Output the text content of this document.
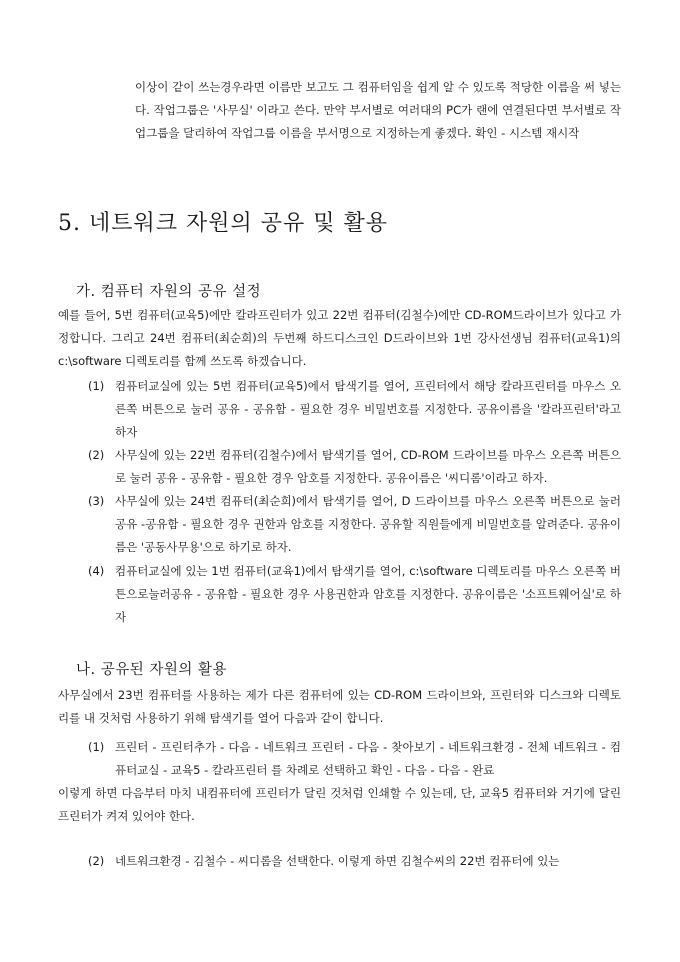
이상이 같이 쓰는경우라면 이름만 보고도 그 컴퓨터임을 쉽게 알 수 있도록 적당한 이름을 써 넣는다. 작업그룹은 '사무실' 이라고 쓴다. 만약 부서별로 여러대의 PC가 랜에 연결된다면 부서별로 작업그룹을 달리하여 작업그룹 이름을 부서명으로 지정하는게 좋겠다. 확인 - 시스템 재시작

5. 네트워크 자원의 공유 및 활용
가. 컴퓨터 자원의 공유 설정

예를 들어, 5번 컴퓨터(교육5)에만 칼라프린터가 있고 22번 컴퓨터(김철수)에만 CD-ROM드라이브가 있다고 가정합니다. 그리고 24번 컴퓨터(최순희)의 두번째 하드디스크인 D드라이브와 1번 강사선생님 컴퓨터(교육1)의 c:\software 디렉토리를 함께 쓰도록 하겠습니다.

(1) 컴퓨터교실에 있는 5번 컴퓨터(교육5)에서 탐색기를 열어, 프린터에서 해당 칼라프린터를 마우스 오른쪽 버튼으로 눌러 공유 - 공유함 - 필요한 경우 비밀번호를 지정한다. 공유이름을 '칼라프린터'라고 하자
(2) 사무실에 있는 22번 컴퓨터(김철수)에서 탐색기를 열어, CD-ROM 드라이브를 마우스 오른쪽 버튼으로 눌러 공유 - 공유함 - 필요한 경우 암호를 지정한다. 공유이름은 '씨디롬'이라고 하자.
(3) 사무실에 있는 24번 컴퓨터(최순희)에서 탐색기를 열어, D 드라이브를 마우스 오른쪽 버튼으로 눌러 공유 -공유함 - 필요한 경우 권한과 암호를 지정한다. 공유할 직원들에게 비밀번호를 알려준다. 공유이름은 '공동사무용'으로 하기로 하자.
(4) 컴퓨터교실에 있는 1번 컴퓨터(교육1)에서 탐색기를 열어, c:\software 디렉토리를 마우스 오른쪽 버튼으로눌러공유 - 공유함 - 필요한 경우 사용권한과 암호를 지정한다. 공유이름은 '소프트웨어실'로 하자
나. 공유된 자원의 활용

사무실에서 23번 컴퓨터를 사용하는 제가 다른 컴퓨터에 있는 CD-ROM 드라이브와, 프린터와 디스크와 디렉토리를 내 것처럼 사용하기 위해 탐색기를 열어 다음과 같이 합니다.

(1) 프린터 - 프린터추가 - 다음 - 네트워크 프린터 - 다음 - 찾아보기 - 네트워크환경 - 전체 네트워크 - 컴퓨터교실 - 교육5 - 칼라프린터 를 차례로 선택하고 확인 - 다음 - 다음 - 완료

이렇게 하면 다음부터 마치 내컴퓨터에 프린터가 달린 것처럼 인쇄할 수 있는데, 단, 교육5 컴퓨터와 거기에 달린 프린터가 켜져 있어야 한다.

(2) 네트워크환경 - 김철수 - 씨디롬을 선택한다. 이렇게 하면 김철수씨의 22번 컴퓨터에 있는
